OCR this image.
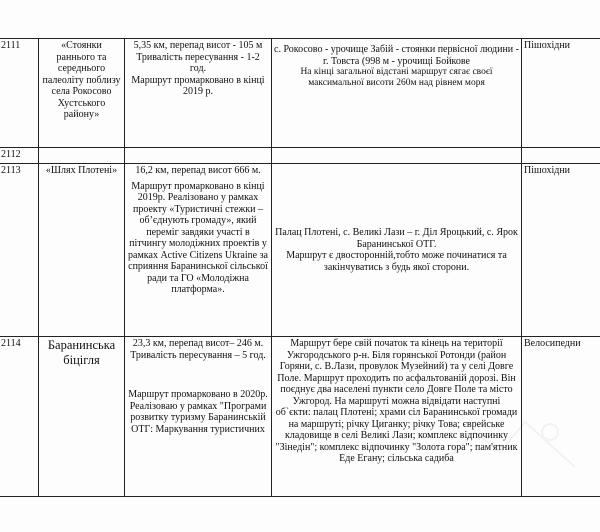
2111	«Стоянки раннього та середнього палеоліту поблизу села Рокосово Хустського району»	5,35 км, перепад висот - 105 м
Тривалість пересування - 1-2 год.
Маршрут промарковано в кінці 2019 р.	с. Рокосово - урочище Забій - стоянки первісної людини - г. Товста (998 м - урочищі Бойкове
На кінці загальної відстані маршрут сягає своєї максимальної висоти 260м над рівнем моря	Пішохідни
2112				
2113	«Шлях Плотені»	16,2 км, перепад висот 666 м.
Маршрут промарковано в кінці 2019р. Реалізовано у рамках проекту «Туристичні стежки – об’єднують громаду», який переміг завдяки участі в пітчингу молодіжних проектів у рамках Active Citizens Ukraine за сприяння Баранинської сільської ради та ГО «Молодіжна платформа».	Палац Плотені, с. Великі Лази – г. Діл Яроцький, с. Ярок Баранинської ОТГ.
Маршрут є двосторонній,тобто може починатися та закінчуватись з будь якої сторони.	Пішохідни
2114	Баранинська біцігля	23,3 км, перепад висот– 246 м. Тривалість пересування – 5 год.
Маршрут промарковано в 2020р. Реалізоваю у рамках "Програми розвитку туризму Баранинській ОТГ: Маркування туристичних	Маршрут бере свій початок та кінець на території Ужгородського р-н. Біля горянської Ротонди (район Горяни, с. В.Лази, провулок Музейний) та у селі Довге Поле. Маршрут проходить по асфальтованій дорозі. Він поєднує два населені пункти село Довге Поле та місто Ужгород. На маршруті можна відвідати наступні об`єкти: палац Плотені; храми сіл Баранинської громади на маршруті; річку Циганку; річку Това; єврейське кладовище в селі Великі Лази; комплекс відпочинку "Зінедін"; комплекс відпочинку "Золота гора"; пам'ятник Еде Егану; сільська садиба	Велосипедни
